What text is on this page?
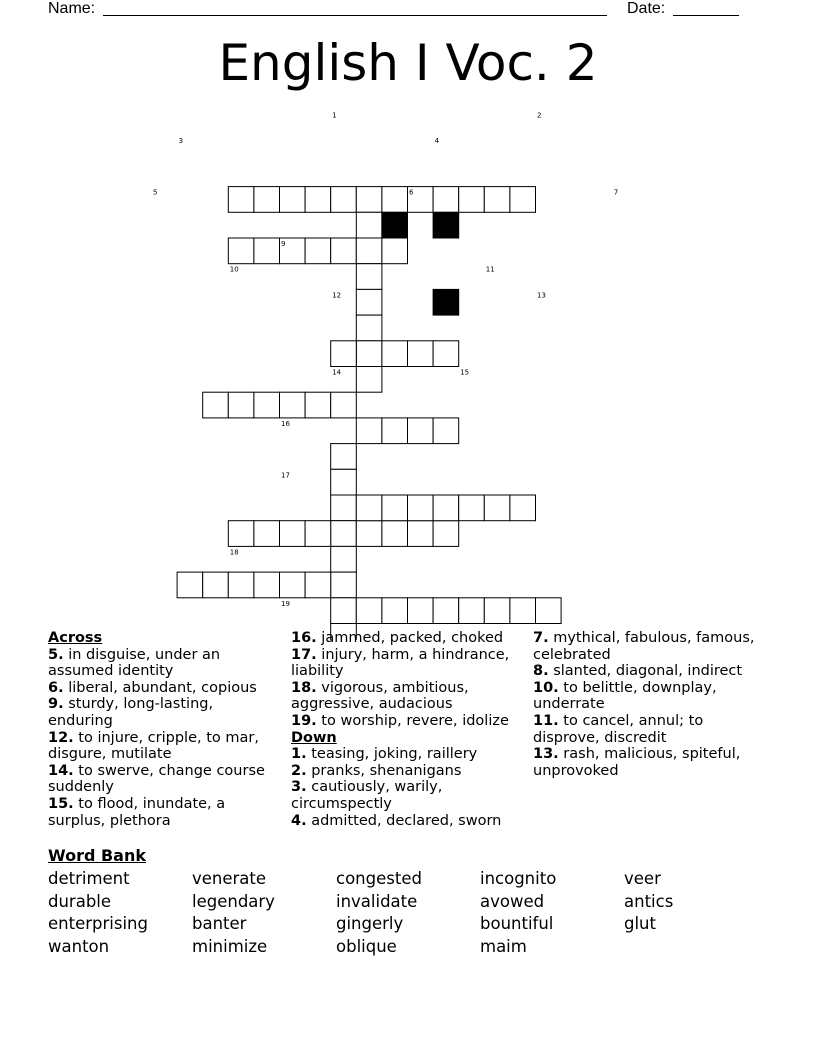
Name:	Date:
English I Voc. 2
1	2
3	4
5	6	7
8
9
10	11
12	13
14	15
16
17
18
19
Across
5. in disguise, under an assumed identity
6. liberal, abundant, copious
9. sturdy, long-lasting, enduring
12. to injure, cripple, to mar, disgure, mutilate
14. to swerve, change course suddenly
15. to flood, inundate, a surplus, plethora
16. jammed, packed, choked
17. injury, harm, a hindrance, liability
18. vigorous, ambitious, aggressive, audacious
19. to worship, revere, idolize
Down
1. teasing, joking, raillery
2. pranks, shenanigans
3. cautiously, warily, circumspectly
4. admitted, declared, sworn
7. mythical, fabulous, famous, celebrated
8. slanted, diagonal, indirect
10. to belittle, downplay, underrate
11. to cancel, annul; to disprove, discredit
13. rash, malicious, spiteful, unprovoked
Word Bank
detriment	venerate	congested	incognito	veer
durable	legendary	invalidate	avowed	antics
enterprising	banter	gingerly	bountiful	glut
wanton	minimize	oblique	maim
